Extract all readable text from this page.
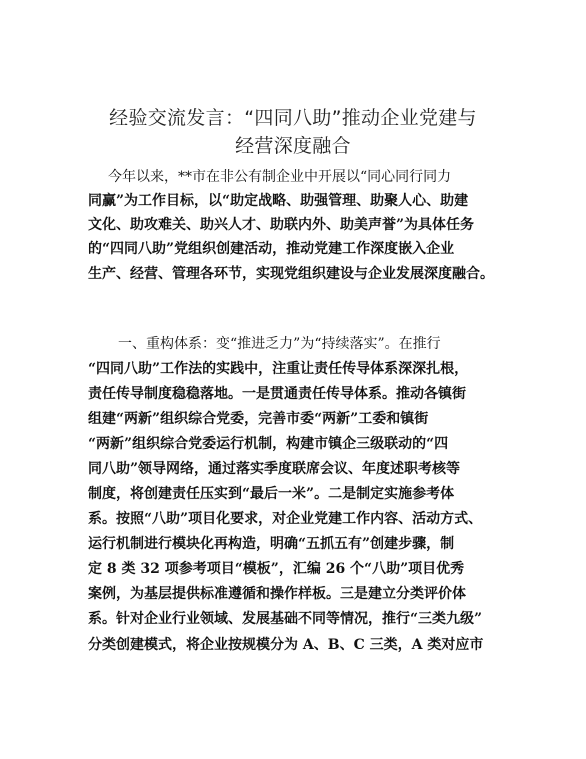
经验交流发言：“四同八助”推动企业党建与
经营深度融合
今年以来，**市在非公有制企业中开展以“同心同行同力
同赢”为工作目标，以“助定战略、助强管理、助聚人心、助建
文化、助攻难关、助兴人才、助联内外、助美声誉”为具体任务
的“四同八助”党组织创建活动，推动党建工作深度嵌入企业
生产、经营、管理各环节，实现党组织建设与企业发展深度融合。
一、重构体系：变“推进乏力”为“持续落实”。在推行
“四同八助”工作法的实践中，注重让责任传导体系深深扎根，
责任传导制度稳稳落地。一是贯通责任传导体系。推动各镇街
组建“两新”组织综合党委，完善市委“两新”工委和镇街
“两新”组织综合党委运行机制，构建市镇企三级联动的“四
同八助”领导网络，通过落实季度联席会议、年度述职考核等
制度，将创建责任压实到“最后一米”。二是制定实施参考体
系。按照“八助”项目化要求，对企业党建工作内容、活动方式、
运行机制进行模块化再构造，明确“五抓五有”创建步骤，制
定 8 类 32 项参考项目“模板”，汇编 26 个“八助”项目优秀
案例，为基层提供标准遵循和操作样板。三是建立分类评价体
系。针对企业行业领域、发展基础不同等情况，推行“三类九级”
分类创建模式，将企业按规模分为 A、B、C 三类，A 类对应市
